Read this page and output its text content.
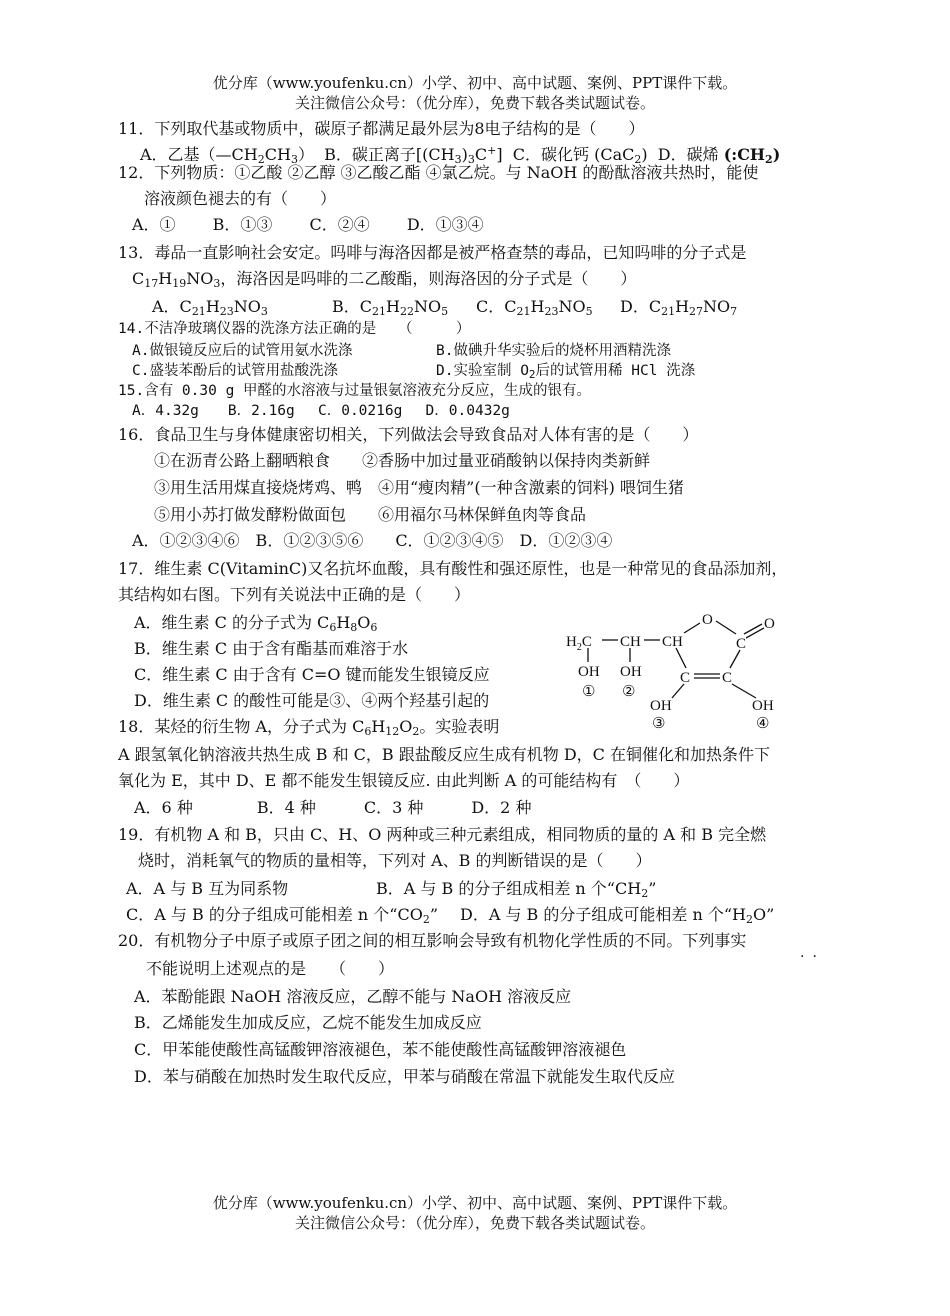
优分库（www.youfenku.cn）小学、初中、高中试题、案例、PPT课件下载。
关注微信公众号：（优分库），免费下载各类试题试卷。
11．下列取代基或物质中，碳原子都满足最外层为8电子结构的是（　　）
A．乙基$(—CH_2CH_3)$ B．碳正离子$[(CH_3)_3C^+]$ C．碳化钙 (CaC$_2$) D．碳烯 $(:CH_2)$
12．下列物质：①乙酸 ②乙醇 ③乙酸乙酯 ④氯乙烷。与 NaOH 的酚酞溶液共热时，能使
溶液颜色褪去的有（　　）
A．①　　 B．①③　　 C．②④　　 D．①③④
13．毒品一直影响社会安定。吗啡与海洛因都是被严格查禁的毒品，已知吗啡的分子式是
$C_{17}H_{19}NO_3$，海洛因是吗啡的二乙酸酯，则海洛因的分子式是（　　）
A．$C_{21}H_{23}NO_3$	B．$C_{21}H_{22}NO_5$ C．$C_{21}H_{23}NO_5$ D．$C_{21}H_{27}NO_7$
14.不洁净玻璃仪器的洗涤方法正确的是　　（　　　）
A.做银镜反应后的试管用氨水洗涤	B.做碘升华实验后的烧杯用酒精洗涤
C.盛装苯酚后的试管用盐酸洗涤	D.实验室制 $O_2$后的试管用稀 HCl 洗涤
15.含有 0.30 g 甲醛的水溶液与过量银氨溶液充分反应，生成的银有。
A．4.32g　　B．2.16g　 C．0.0216g　 D．0.0432g
16．食品卫生与身体健康密切相关，下列做法会导致食品对人体有害的是（　　）
①在沥青公路上翻晒粮食　　②香肠中加过量亚硝酸钠以保持肉类新鲜
③用生活用煤直接烧烤鸡、鸭　④用“瘦肉精”(一种含激素的饲料) 喂饲生猪
⑤用小苏打做发酵粉做面包　　⑥用福尔马林保鲜鱼肉等食品
A．①②③④⑥　B．①②③⑤⑥　　C．①②③④⑤　D．①②③④
17．维生素 C(VitaminC)又名抗坏血酸，具有酸性和强还原性，也是一种常见的食品添加剂，
其结构如右图。下列有关说法中正确的是（　　）
A．维生素 C 的分子式为 $C_6H_8O_6$
B．维生素 C 由于含有酯基而难溶于水
C．维生素 C 由于含有 C=O 键而能发生银镜反应
D．维生素 C 的酸性可能是③、④两个羟基引起的
$H_2C$ CH CH
OH OH
① ②
O
C
O
C C
OH	OH
③	④
18．某烃的衍生物 A，分子式为 $C_6H_{12}O_2$。实验表明
A 跟氢氧化钠溶液共热生成 B 和 C，B 跟盐酸反应生成有机物 D，C 在铜催化和加热条件下
氧化为 E，其中 D、E 都不能发生银镜反应. 由此判断 A 的可能结构有　（　　）
A．6 种　　　　B．4 种　　　C．3 种　　　D．2 种
19．有机物 A 和 B，只由 C、H、O 两种或三种元素组成，相同物质的量的 A 和 B 完全燃
烧时，消耗氧气的物质的量相等，下列对 A、B 的判断错误的是（　　）
A．A 与 B 互为同系物	B．A 与 B 的分子组成相差 n 个“$CH_2$”
C．A 与 B 的分子组成可能相差 n 个“$CO_2$” D．A 与 B 的分子组成可能相差 n 个“$H_2O$”
20．有机物分子中原子或原子团之间的相互影响会导致有机物化学性质的不同。下列事实
··
不能说明上述观点的是　　（　　）
A．苯酚能跟 NaOH 溶液反应，乙醇不能与 NaOH 溶液反应
B．乙烯能发生加成反应，乙烷不能发生加成反应
C．甲苯能使酸性高锰酸钾溶液褪色，苯不能使酸性高锰酸钾溶液褪色
D．苯与硝酸在加热时发生取代反应，甲苯与硝酸在常温下就能发生取代反应
优分库（www.youfenku.cn）小学、初中、高中试题、案例、PPT课件下载。
关注微信公众号：（优分库），免费下载各类试题试卷。
